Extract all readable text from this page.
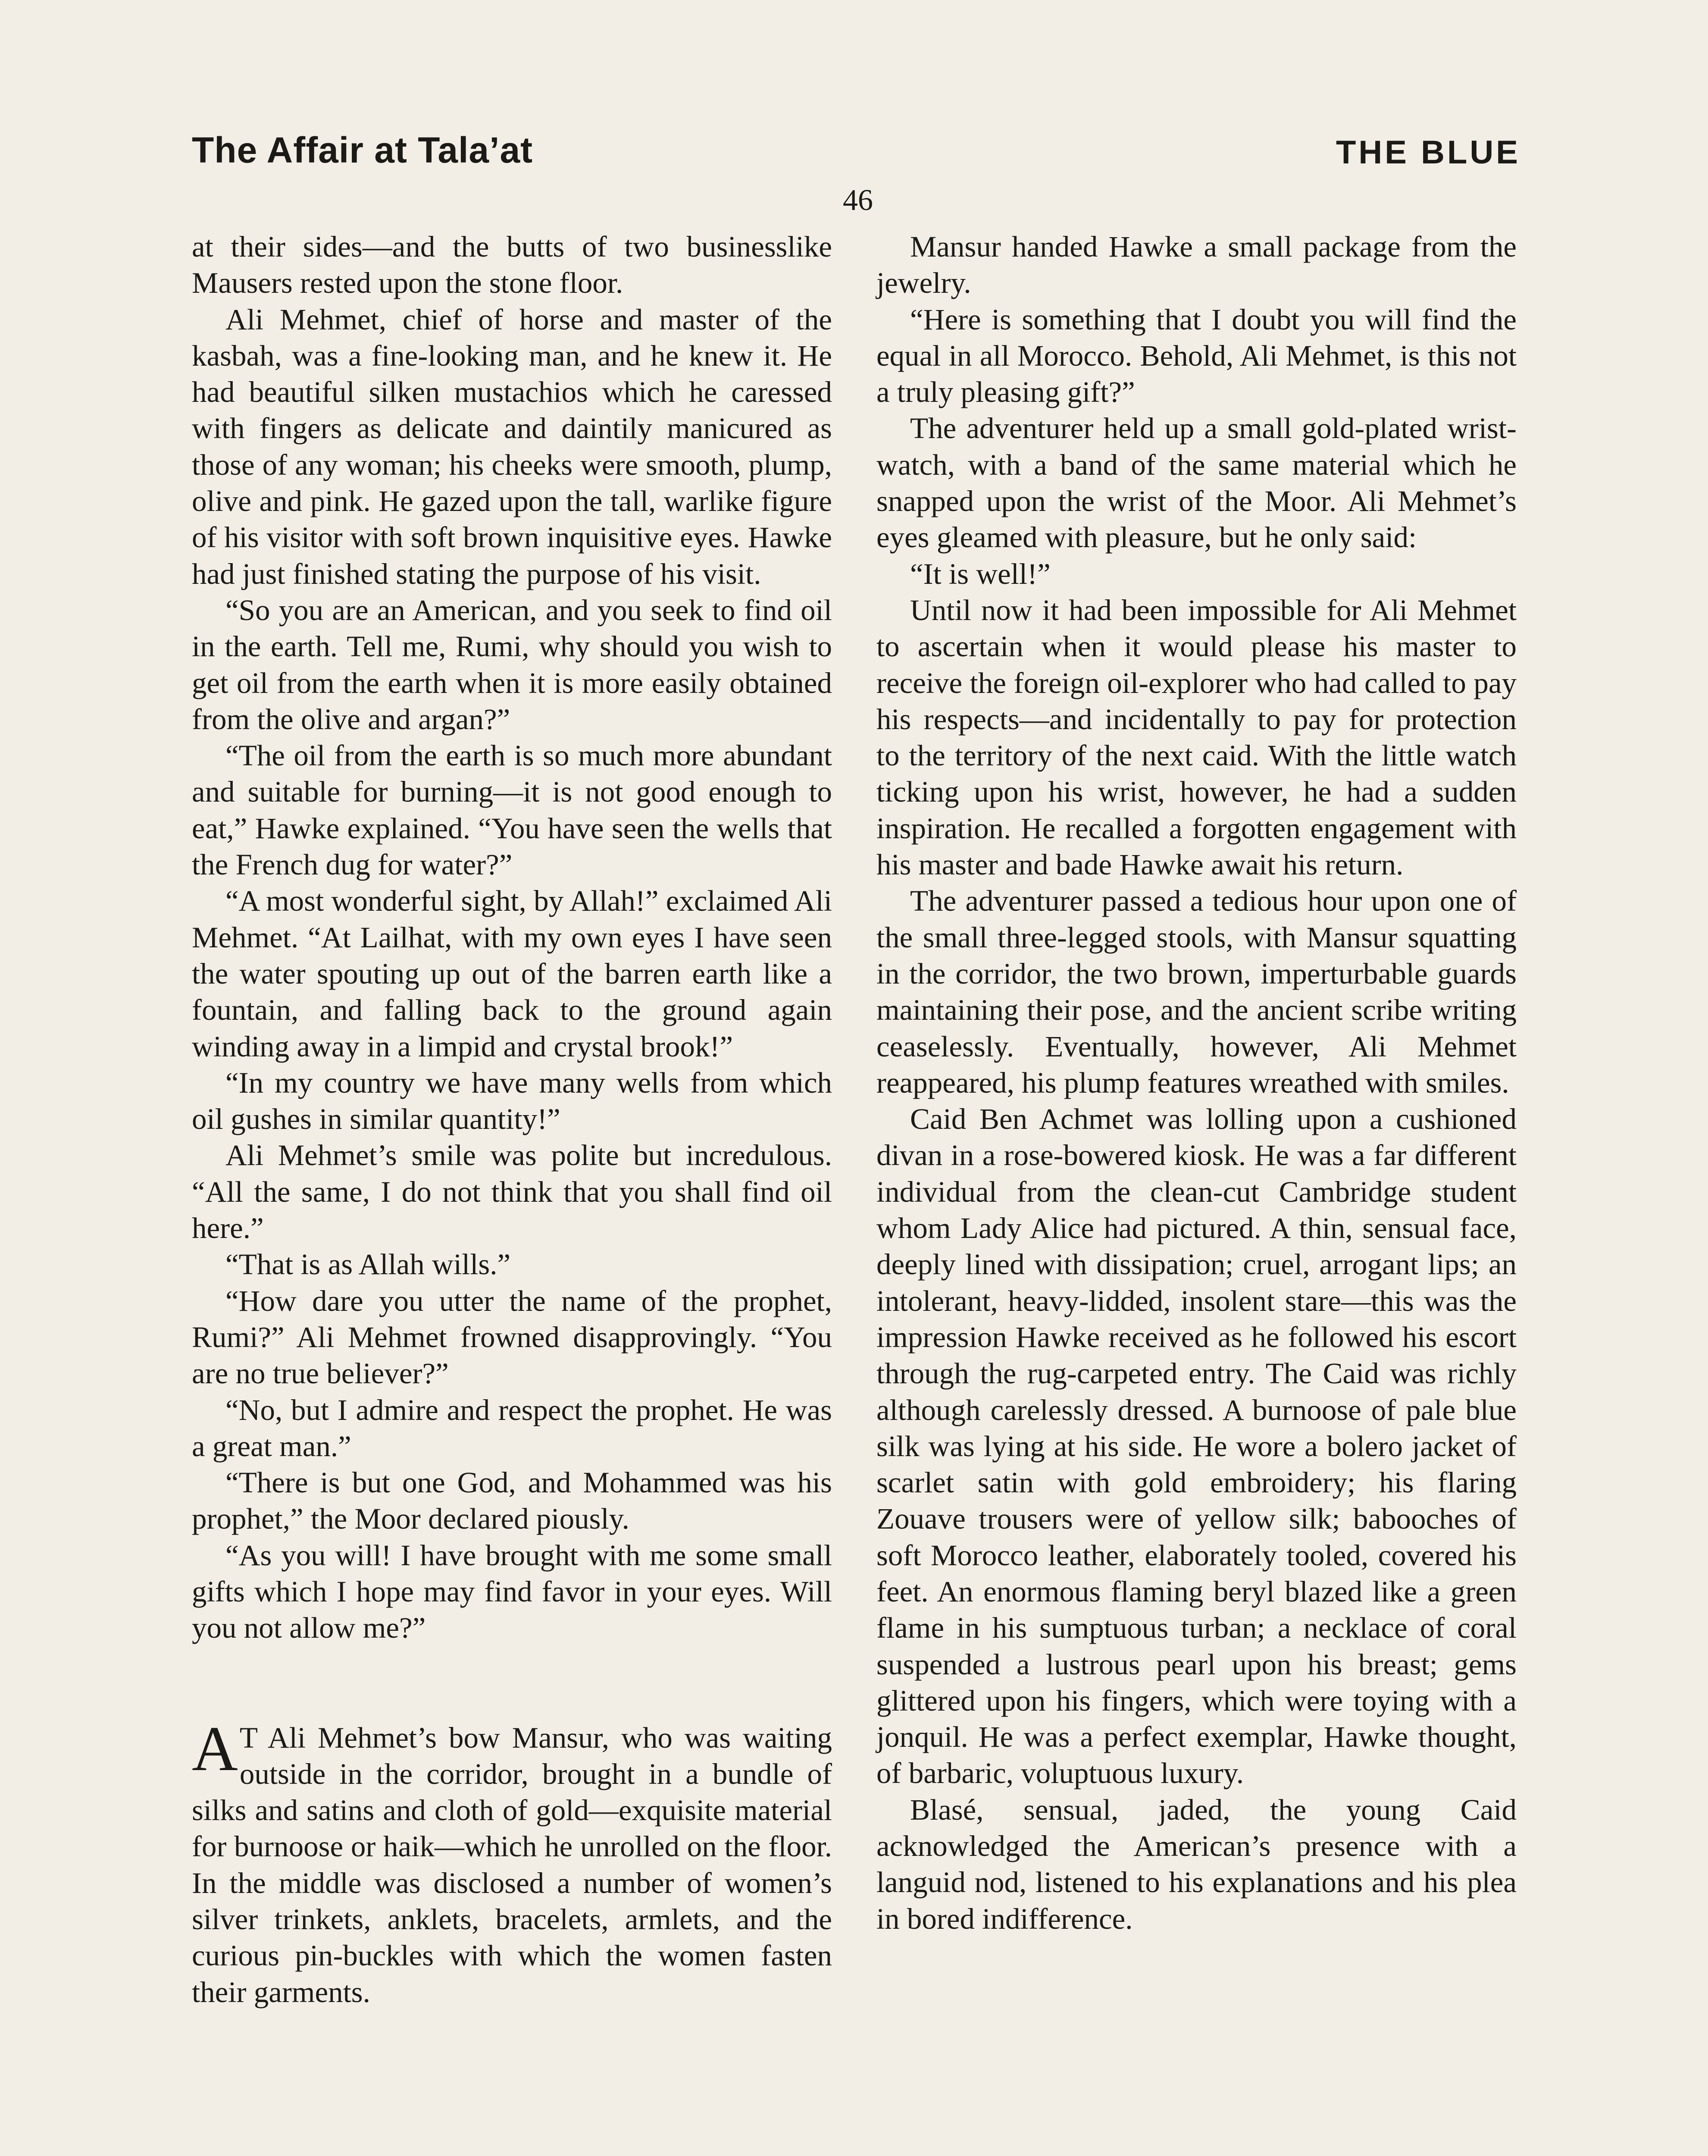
The Affair at Tala’at	THE BLUE
46

at their sides—and the butts of two businesslike Mausers rested upon the stone floor.

Ali Mehmet, chief of horse and master of the kasbah, was a fine-looking man, and he knew it. He had beautiful silken mustachios which he caressed with fingers as delicate and daintily manicured as those of any woman; his cheeks were smooth, plump, olive and pink. He gazed upon the tall, warlike figure of his visitor with soft brown inquisitive eyes. Hawke had just finished stating the purpose of his visit.

“So you are an American, and you seek to find oil in the earth. Tell me, Rumi, why should you wish to get oil from the earth when it is more easily obtained from the olive and argan?”

“The oil from the earth is so much more abundant and suitable for burning—it is not good enough to eat,” Hawke explained. “You have seen the wells that the French dug for water?”

“A most wonderful sight, by Allah!” exclaimed Ali Mehmet. “At Lailhat, with my own eyes I have seen the water spouting up out of the barren earth like a fountain, and falling back to the ground again winding away in a limpid and crystal brook!”

“In my country we have many wells from which oil gushes in similar quantity!”

Ali Mehmet’s smile was polite but incredulous. “All the same, I do not think that you shall find oil here.”

“That is as Allah wills.”

“How dare you utter the name of the prophet, Rumi?” Ali Mehmet frowned disapprovingly. “You are no true believer?”

“No, but I admire and respect the prophet. He was a great man.”

“There is but one God, and Mohammed was his prophet,” the Moor declared piously.

“As you will! I have brought with me some small gifts which I hope may find favor in your eyes. Will you not allow me?”

A T Ali Mehmet’s bow Mansur, who was waiting outside in the corridor, brought in a bundle of silks and satins and cloth of gold—exquisite material for burnoose or haik—which he unrolled on the floor. In the middle was disclosed a number of women’s silver trinkets, anklets, bracelets, armlets, and the curious pin-buckles with which the women fasten their garments.

Mansur handed Hawke a small package from the jewelry.

“Here is something that I doubt you will find the equal in all Morocco. Behold, Ali Mehmet, is this not a truly pleasing gift?”

The adventurer held up a small gold-plated wrist-watch, with a band of the same material which he snapped upon the wrist of the Moor. Ali Mehmet’s eyes gleamed with pleasure, but he only said:

“It is well!”

Until now it had been impossible for Ali Mehmet to ascertain when it would please his master to receive the foreign oil-explorer who had called to pay his respects—and incidentally to pay for protection to the territory of the next caid. With the little watch ticking upon his wrist, however, he had a sudden inspiration. He recalled a forgotten engagement with his master and bade Hawke await his return.

The adventurer passed a tedious hour upon one of the small three-legged stools, with Mansur squatting in the corridor, the two brown, imperturbable guards maintaining their pose, and the ancient scribe writing ceaselessly. Eventually, however, Ali Mehmet reappeared, his plump features wreathed with smiles.

Caid Ben Achmet was lolling upon a cushioned divan in a rose-bowered kiosk. He was a far different individual from the clean-cut Cambridge student whom Lady Alice had pictured. A thin, sensual face, deeply lined with dissipation; cruel, arrogant lips; an intolerant, heavy-lidded, insolent stare—this was the impression Hawke received as he followed his escort through the rug-carpeted entry. The Caid was richly although carelessly dressed. A burnoose of pale blue silk was lying at his side. He wore a bolero jacket of scarlet satin with gold embroidery; his flaring Zouave trousers were of yellow silk; babooches of soft Morocco leather, elaborately tooled, covered his feet. An enormous flaming beryl blazed like a green flame in his sumptuous turban; a necklace of coral suspended a lustrous pearl upon his breast; gems glittered upon his fingers, which were toying with a jonquil. He was a perfect exemplar, Hawke thought, of barbaric, voluptuous luxury.

Blasé, sensual, jaded, the young Caid acknowledged the American’s presence with a languid nod, listened to his explanations and his plea in bored indifference.
